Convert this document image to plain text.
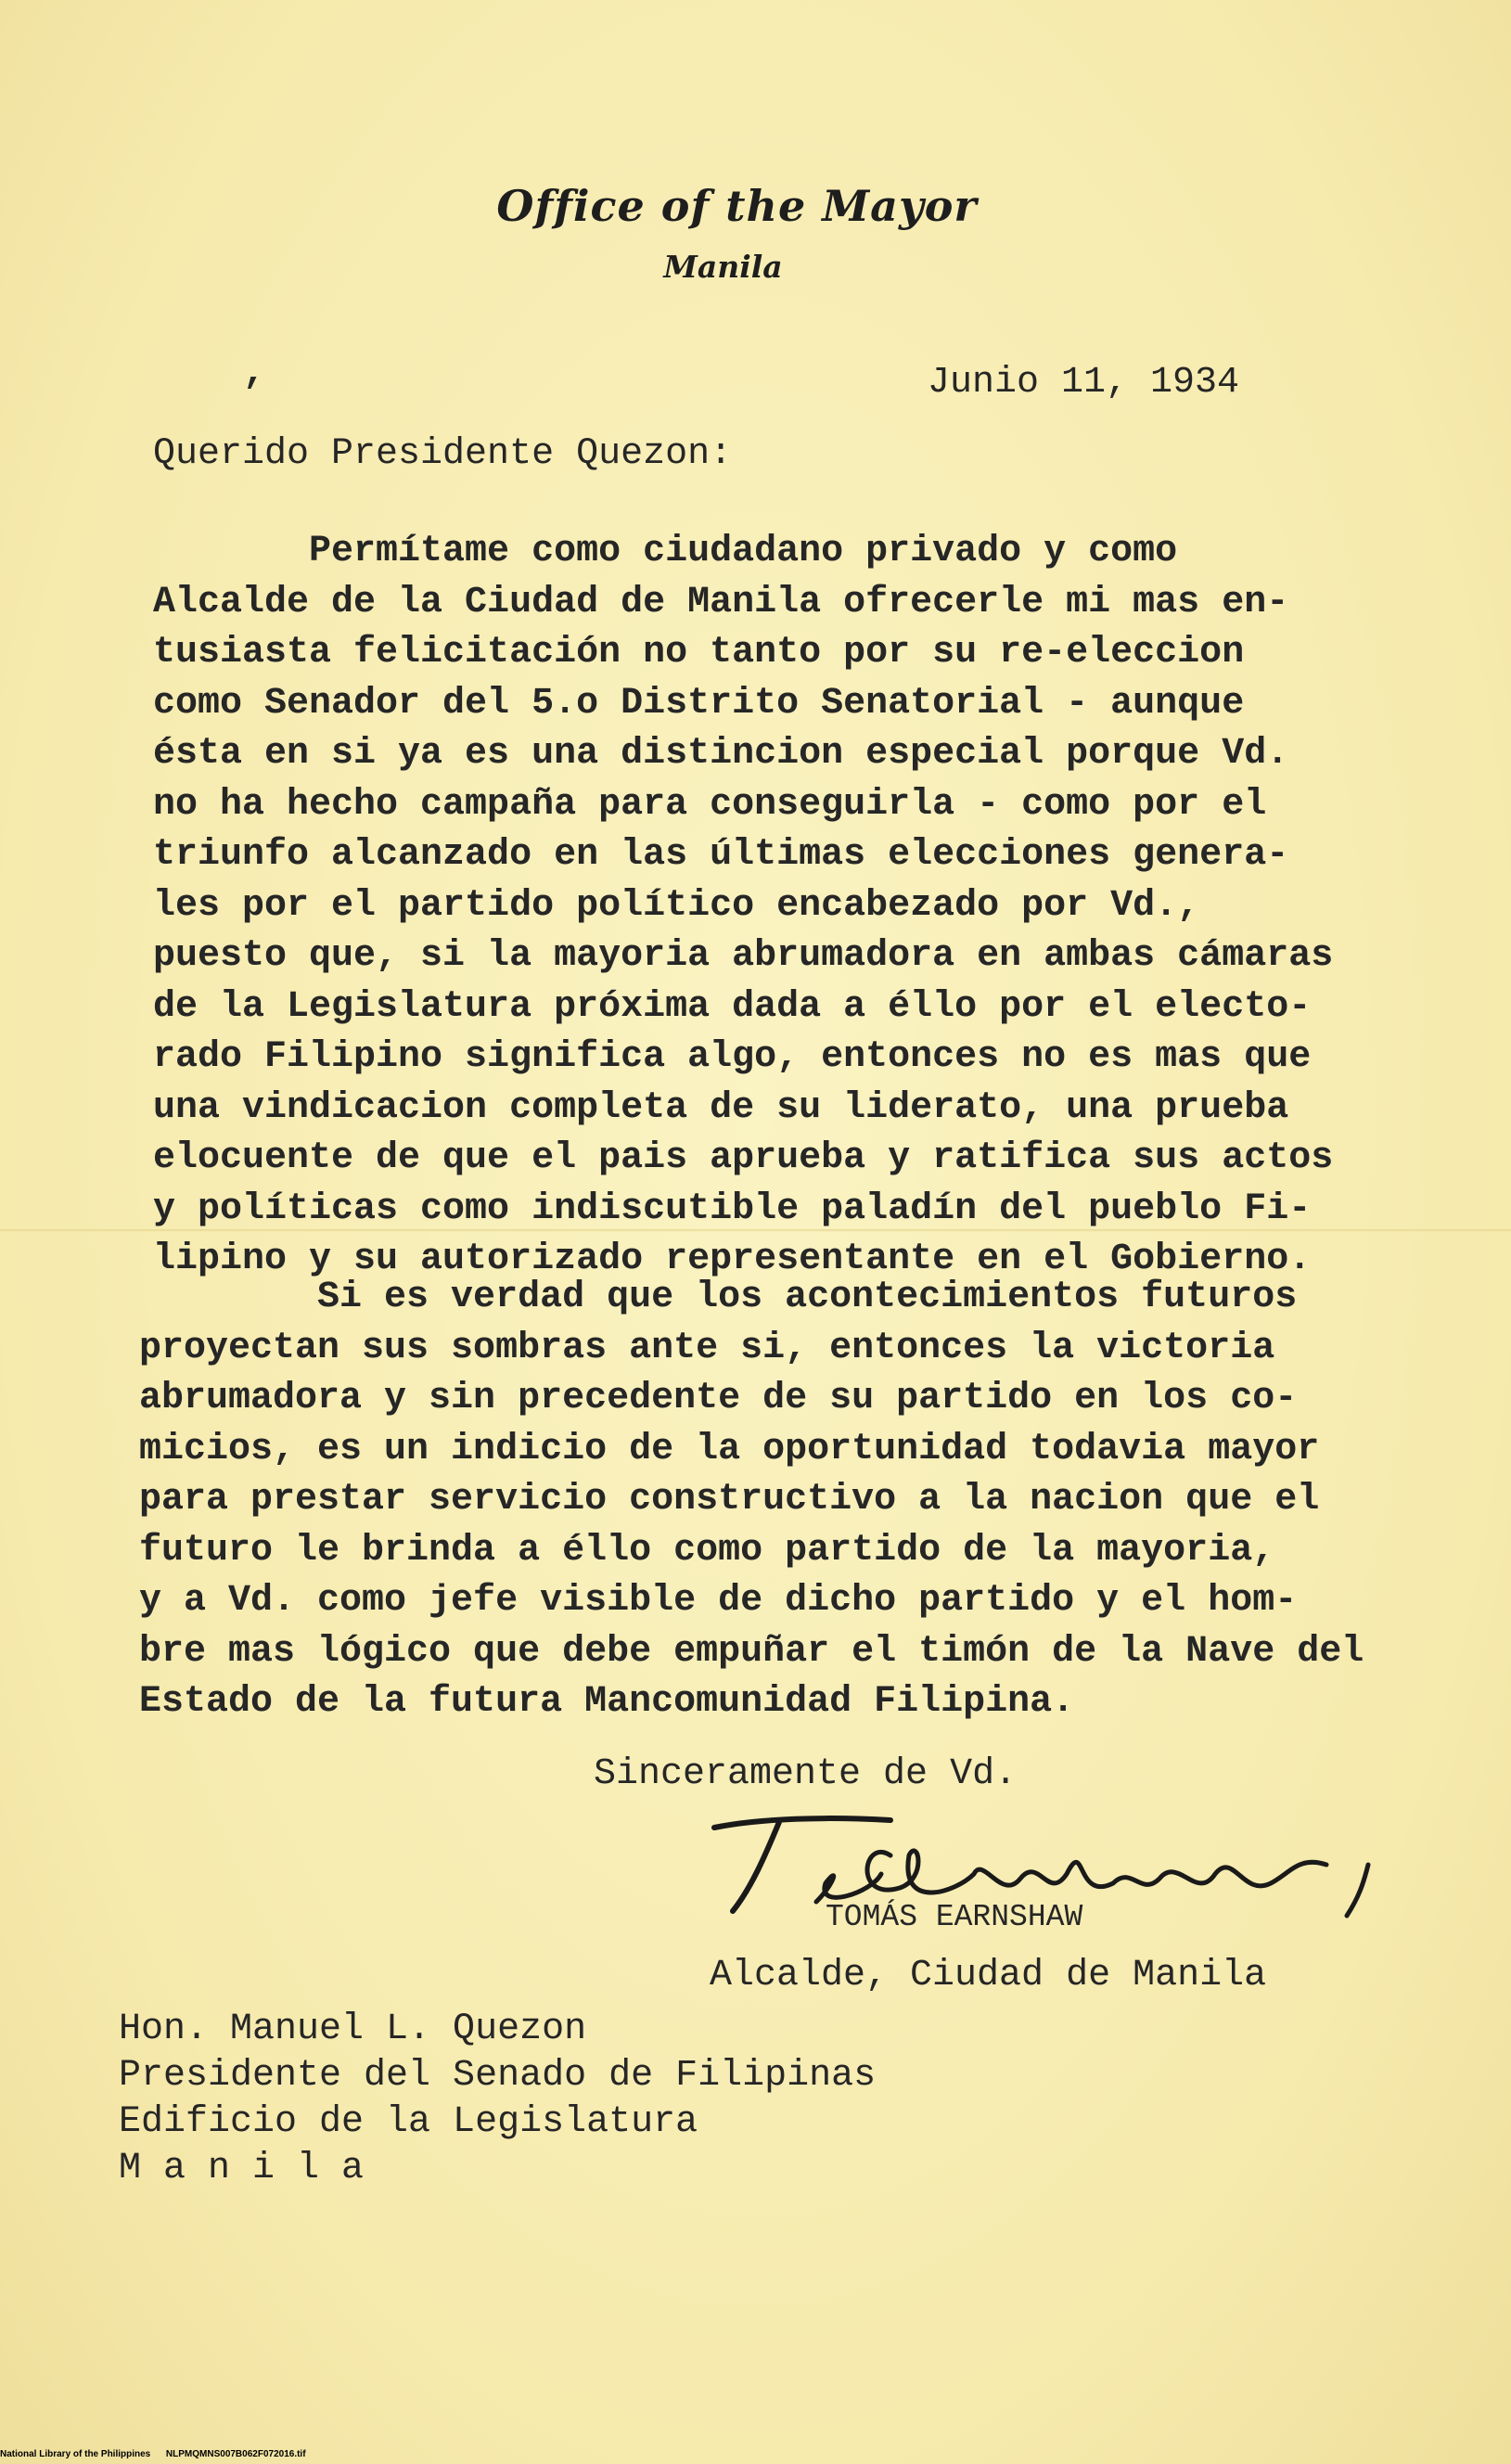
Office of the Mayor
Manila
,	Junio 11, 1934
Querido Presidente Quezon:
Permítame como ciudadano privado y como
Alcalde de la Ciudad de Manila ofrecerle mi mas en-
tusiasta felicitación no tanto por su re-eleccion
como Senador del 5.o Distrito Senatorial - aunque
ésta en si ya es una distincion especial porque Vd.
no ha hecho campaña para conseguirla - como por el
triunfo alcanzado en las últimas elecciones genera-
les por el partido político encabezado por Vd.,
puesto que, si la mayoria abrumadora en ambas cámaras
de la Legislatura próxima dada a éllo por el electo-
rado Filipino significa algo, entonces no es mas que
una vindicacion completa de su liderato, una prueba
elocuente de que el pais aprueba y ratifica sus actos
y políticas como indiscutible paladín del pueblo Fi-
lipino y su autorizado representante en el Gobierno.
Si es verdad que los acontecimientos futuros
proyectan sus sombras ante si, entonces la victoria
abrumadora y sin precedente de su partido en los co-
micios, es un indicio de la oportunidad todavia mayor
para prestar servicio constructivo a la nacion que el
futuro le brinda a éllo como partido de la mayoria,
y a Vd. como jefe visible de dicho partido y el hom-
bre mas lógico que debe empuñar el timón de la Nave del
Estado de la futura Mancomunidad Filipina.
Sinceramente de Vd.
TOMÁS EARNSHAW
Alcalde, Ciudad de Manila
Hon. Manuel L. Quezon
Presidente del Senado de Filipinas
Edificio de la Legislatura
M a n i l a
National Library of the Philippines NLPMQMNS007B062F072016.tif
